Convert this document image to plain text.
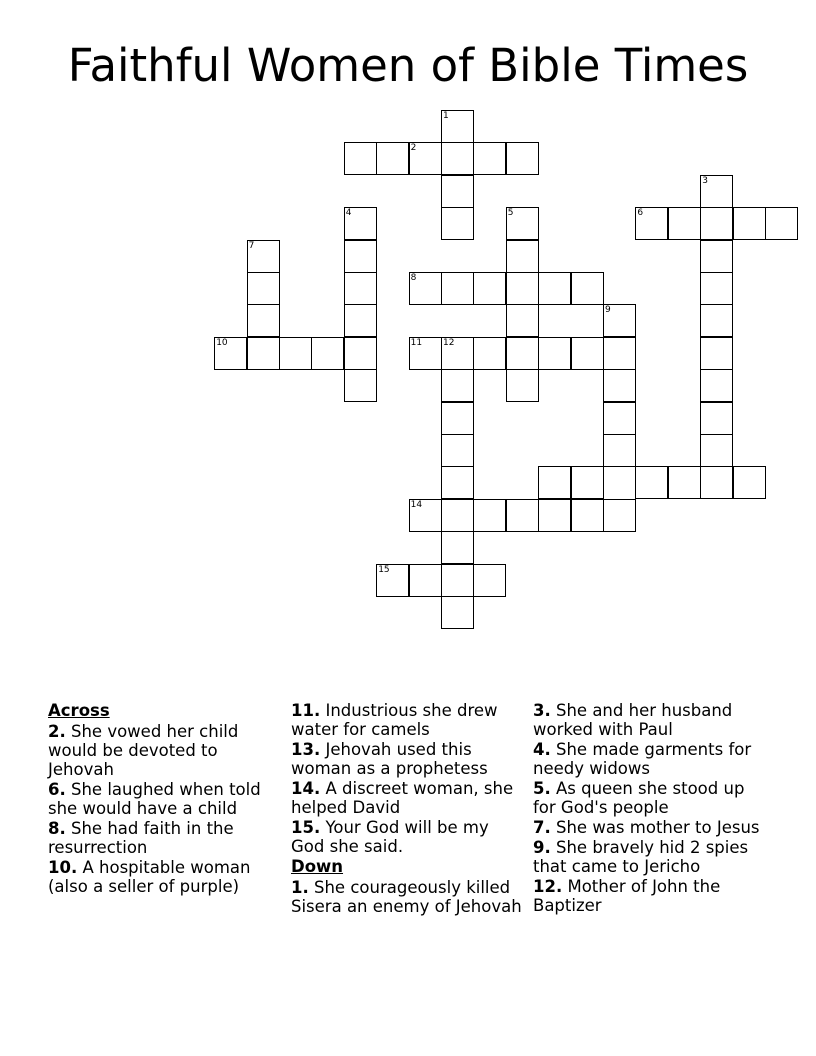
Faithful Women of Bible Times
2
1
6
3
4	5
7
10
8
11 12
9
14
15
Across
2. She vowed her child would be devoted to Jehovah
6. She laughed when told she would have a child
8. She had faith in the resurrection
10. A hospitable woman (also a seller of purple)
11. Industrious she drew water for camels
13. Jehovah used this woman as a prophetess
14. A discreet woman, she helped David
15. Your God will be my God she said.
Down
1. She courageously killed Sisera an enemy of Jehovah
3. She and her husband worked with Paul
4. She made garments for needy widows
5. As queen she stood up for God's people
7. She was mother to Jesus
9. She bravely hid 2 spies that came to Jericho
12. Mother of John the Baptizer
